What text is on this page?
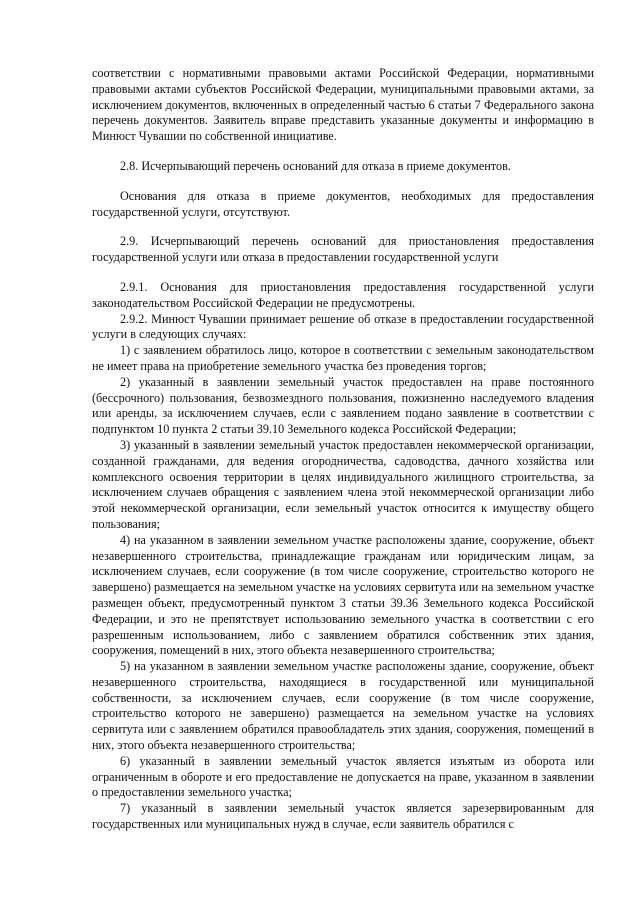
соответствии с нормативными правовыми актами Российской Федерации, нормативными правовыми актами субъектов Российской Федерации, муниципальными правовыми актами, за исключением документов, включенных в определенный частью 6 статьи 7 Федерального закона перечень документов. Заявитель вправе представить указанные документы и информацию в Минюст Чувашии по собственной инициативе.

2.8. Исчерпывающий перечень оснований для отказа в приеме документов.

Основания для отказа в приеме документов, необходимых для предоставления государственной услуги, отсутствуют.

2.9. Исчерпывающий перечень оснований для приостановления предоставления государственной услуги или отказа в предоставлении государственной услуги

2.9.1. Основания для приостановления предоставления государственной услуги законодательством Российской Федерации не предусмотрены.

2.9.2. Минюст Чувашии принимает решение об отказе в предоставлении государственной услуги в следующих случаях:

1) с заявлением обратилось лицо, которое в соответствии с земельным законодательством не имеет права на приобретение земельного участка без проведения торгов;

2) указанный в заявлении земельный участок предоставлен на праве постоянного (бессрочного) пользования, безвозмездного пользования, пожизненно наследуемого владения или аренды, за исключением случаев, если с заявлением подано заявление в соответствии с подпунктом 10 пункта 2 статьи 39.10 Земельного кодекса Российской Федерации;

3) указанный в заявлении земельный участок предоставлен некоммерческой организации, созданной гражданами, для ведения огородничества, садоводства, дачного хозяйства или комплексного освоения территории в целях индивидуального жилищного строительства, за исключением случаев обращения с заявлением члена этой некоммерческой организации либо этой некоммерческой организации, если земельный участок относится к имуществу общего пользования;

4) на указанном в заявлении земельном участке расположены здание, сооружение, объект незавершенного строительства, принадлежащие гражданам или юридическим лицам, за исключением случаев, если сооружение (в том числе сооружение, строительство которого не завершено) размещается на земельном участке на условиях сервитута или на земельном участке размещен объект, предусмотренный пунктом 3 статьи 39.36 Земельного кодекса Российской Федерации, и это не препятствует использованию земельного участка в соответствии с его разрешенным использованием, либо с заявлением обратился собственник этих здания, сооружения, помещений в них, этого объекта незавершенного строительства;

5) на указанном в заявлении земельном участке расположены здание, сооружение, объект незавершенного строительства, находящиеся в государственной или муниципальной собственности, за исключением случаев, если сооружение (в том числе сооружение, строительство которого не завершено) размещается на земельном участке на условиях сервитута или с заявлением обратился правообладатель этих здания, сооружения, помещений в них, этого объекта незавершенного строительства;

6) указанный в заявлении земельный участок является изъятым из оборота или ограниченным в обороте и его предоставление не допускается на праве, указанном в заявлении о предоставлении земельного участка;

7) указанный в заявлении земельный участок является зарезервированным для государственных или муниципальных нужд в случае, если заявитель обратился с
